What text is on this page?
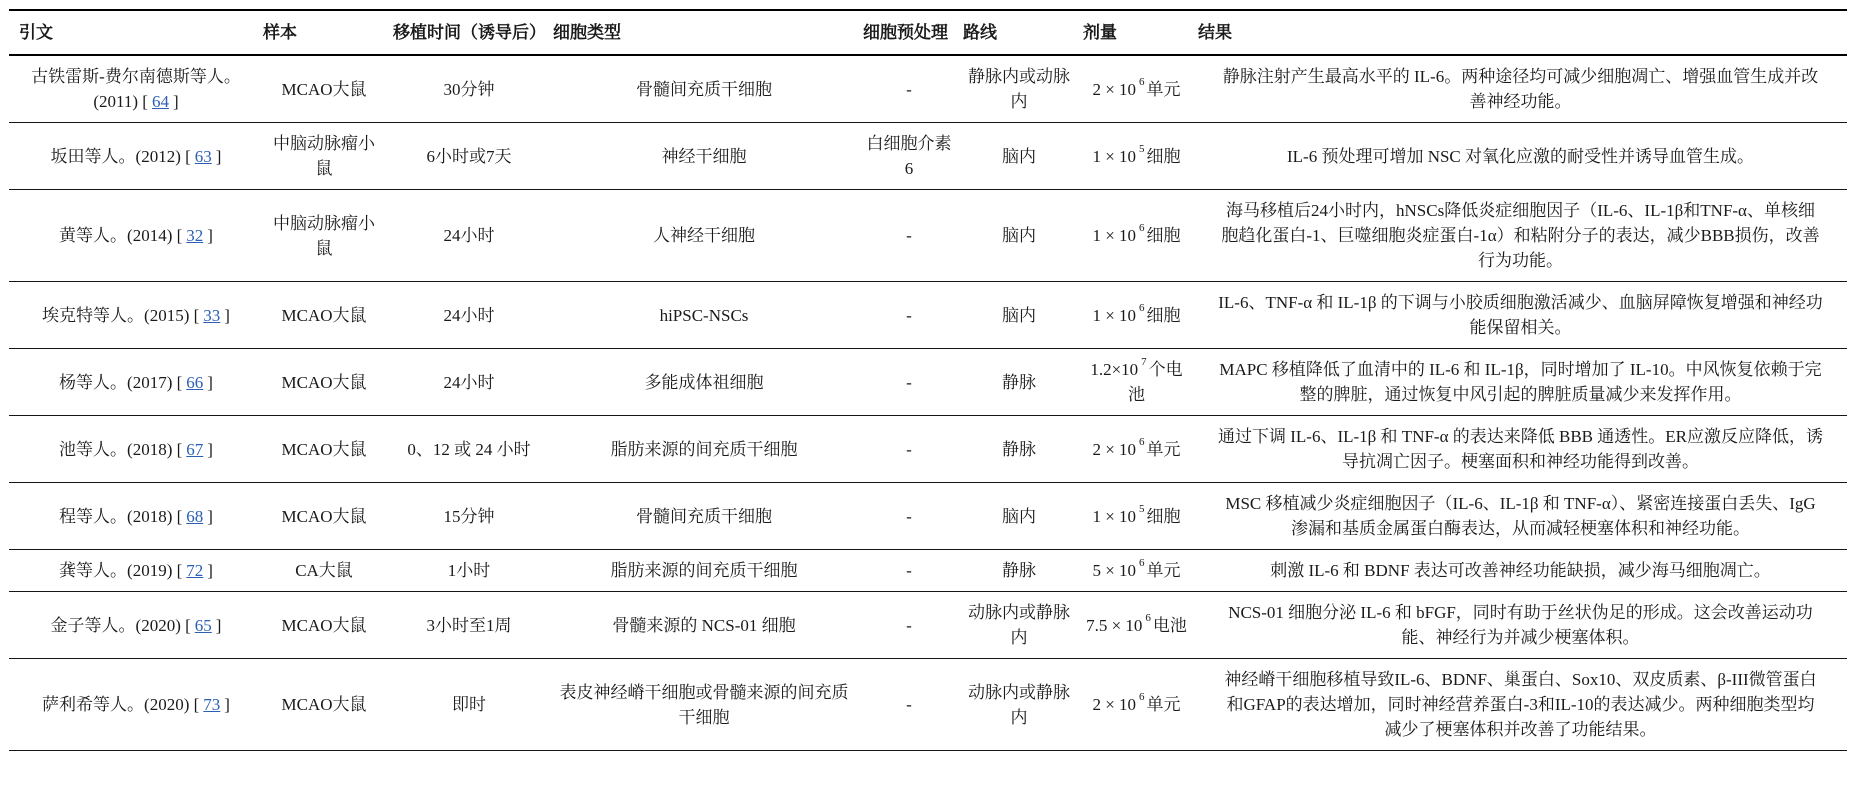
引文	样本	移植时间（诱导后）	细胞类型	细胞预处理	路线	剂量	结果
古铁雷斯-费尔南德斯等人。(2011) [ 64 ]	MCAO大鼠	30分钟	骨髓间充质干细胞	-	静脉内或动脉内	2 × 10 $^6$ 单元	静脉注射产生最高水平的 IL-6。两种途径均可减少细胞凋亡、增强血管生成并改善神经功能。
坂田等人。(2012) [ 63 ]	中脑动脉瘤小鼠	6小时或7天	神经干细胞	白细胞介素 6	脑内	1 × 10 $^5$ 细胞	IL-6 预处理可增加 NSC 对氧化应激的耐受性并诱导血管生成。
黄等人。(2014) [ 32 ]	中脑动脉瘤小鼠	24小时	人神经干细胞	-	脑内	1 × 10 $^6$ 细胞	海马移植后24小时内，hNSCs降低炎症细胞因子（IL-6、IL-1β和TNF-α、单核细胞趋化蛋白-1、巨噬细胞炎症蛋白-1α）和粘附分子的表达，减少BBB损伤，改善行为功能。
埃克特等人。(2015) [ 33 ]	MCAO大鼠	24小时	hiPSC-NSCs	-	脑内	1 × 10 $^6$ 细胞	IL-6、TNF-α 和 IL-1β 的下调与小胶质细胞激活减少、血脑屏障恢复增强和神经功能保留相关。
杨等人。(2017) [ 66 ]	MCAO大鼠	24小时	多能成体祖细胞	-	静脉	1.2×10 $^7$ 个电池	MAPC 移植降低了血清中的 IL-6 和 IL-1β，同时增加了 IL-10。中风恢复依赖于完整的脾脏，通过恢复中风引起的脾脏质量减少来发挥作用。
池等人。(2018) [ 67 ]	MCAO大鼠	0、12 或 24 小时	脂肪来源的间充质干细胞	-	静脉	2 × 10 $^6$ 单元	通过下调 IL-6、IL-1β 和 TNF-α 的表达来降低 BBB 通透性。ER应激反应降低，诱导抗凋亡因子。梗塞面积和神经功能得到改善。
程等人。(2018) [ 68 ]	MCAO大鼠	15分钟	骨髓间充质干细胞	-	脑内	1 × 10 $^5$ 细胞	MSC 移植减少炎症细胞因子（IL-6、IL-1β 和 TNF-α）、紧密连接蛋白丢失、IgG 渗漏和基质金属蛋白酶表达，从而减轻梗塞体积和神经功能。
龚等人。(2019) [ 72 ]	CA大鼠	1小时	脂肪来源的间充质干细胞	-	静脉	5 × 10 $^6$ 单元	刺激 IL-6 和 BDNF 表达可改善神经功能缺损，减少海马细胞凋亡。
金子等人。(2020) [ 65 ]	MCAO大鼠	3小时至1周	骨髓来源的 NCS-01 细胞	-	动脉内或静脉内	7.5 × 10 $^6$ 电池	NCS-01 细胞分泌 IL-6 和 bFGF，同时有助于丝状伪足的形成。这会改善运动功能、神经行为并减少梗塞体积。
萨利希等人。(2020) [ 73 ]	MCAO大鼠	即时	表皮神经嵴干细胞或骨髓来源的间充质干细胞	-	动脉内或静脉内	2 × 10 $^6$ 单元	神经嵴干细胞移植导致IL-6、BDNF、巢蛋白、Sox10、双皮质素、β-III微管蛋白和GFAP的表达增加，同时神经营养蛋白-3和IL-10的表达减少。两种细胞类型均减少了梗塞体积并改善了功能结果。
